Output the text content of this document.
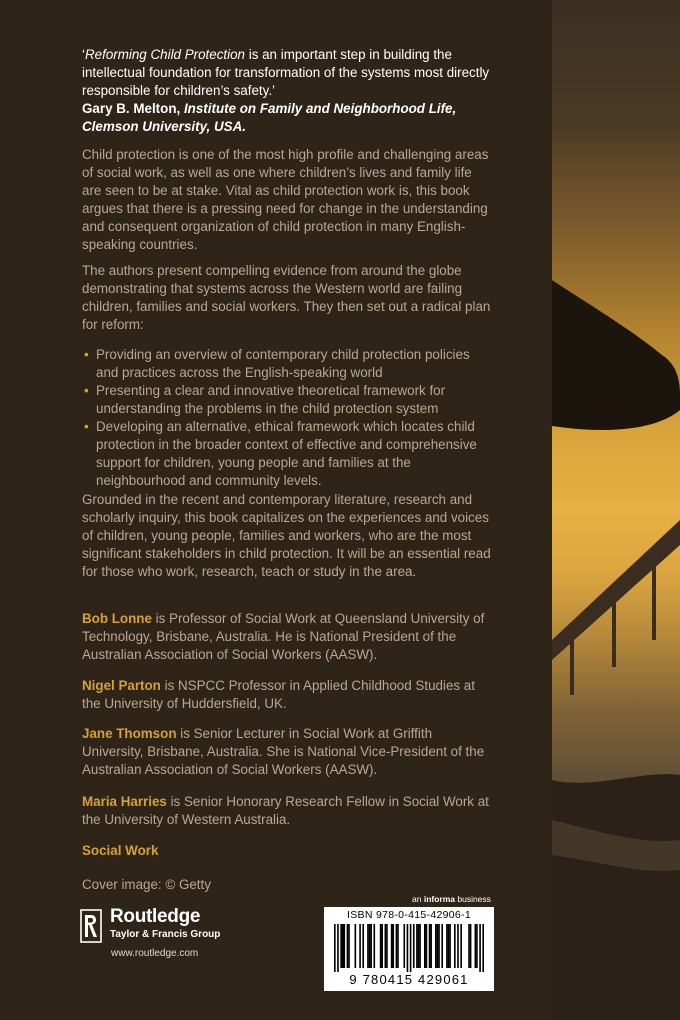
‘Reforming Child Protection is an important step in building the intellectual foundation for transformation of the systems most directly responsible for children’s safety.’
Gary B. Melton, Institute on Family and Neighborhood Life, Clemson University, USA.
Child protection is one of the most high profile and challenging areas of social work, as well as one where children’s lives and family life are seen to be at stake. Vital as child protection work is, this book argues that there is a pressing need for change in the understanding and consequent organization of child protection in many English-speaking countries.
The authors present compelling evidence from around the globe demonstrating that systems across the Western world are failing children, families and social workers. They then set out a radical plan for reform:
• Providing an overview of contemporary child protection policies and practices across the English-speaking world
• Presenting a clear and innovative theoretical framework for understanding the problems in the child protection system
• Developing an alternative, ethical framework which locates child protection in the broader context of effective and comprehensive support for children, young people and families at the neighbourhood and community levels.
Grounded in the recent and contemporary literature, research and scholarly inquiry, this book capitalizes on the experiences and voices of children, young people, families and workers, who are the most significant stakeholders in child protection. It will be an essential read for those who work, research, teach or study in the area.
Bob Lonne is Professor of Social Work at Queensland University of Technology, Brisbane, Australia. He is National President of the Australian Association of Social Workers (AASW).
Nigel Parton is NSPCC Professor in Applied Childhood Studies at the University of Huddersfield, UK.
Jane Thomson is Senior Lecturer in Social Work at Griffith University, Brisbane, Australia. She is National Vice-President of the Australian Association of Social Workers (AASW).
Maria Harries is Senior Honorary Research Fellow in Social Work at the University of Western Australia.
Social Work
Cover image: © Getty
Routledge
Taylor & Francis Group
www.routledge.com
an informa business
ISBN 978-0-415-42906-1
9 780415 429061
